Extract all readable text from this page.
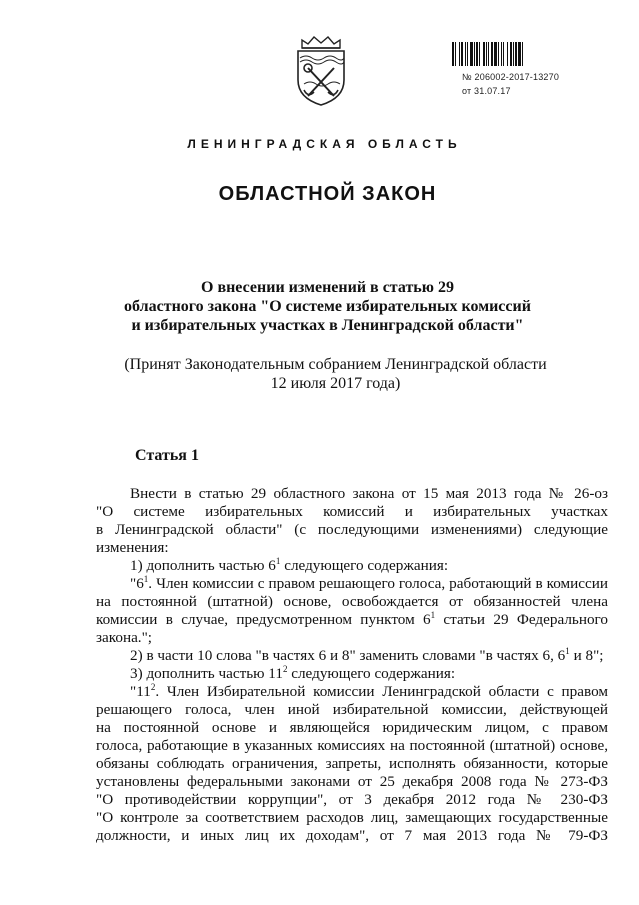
№ 206002-2017-13270
от 31.07.17
ЛЕНИНГРАДСКАЯ ОБЛАСТЬ
ОБЛАСТНОЙ ЗАКОН
О внесении изменений в статью 29
областного закона "О системе избирательных комиссий
и избирательных участках в Ленинградской области"
(Принят Законодательным собранием Ленинградской области
12 июля 2017 года)
Статья 1
Внести в статью 29 областного закона от 15 мая 2013 года № 26-оз
"О системе избирательных комиссий и избирательных участках
в Ленинградской области" (с последующими изменениями) следующие
изменения:
1) дополнить частью $6^1$ следующего содержания:
"$6^1$. Член комиссии с правом решающего голоса, работающий в комиссии
на постоянной (штатной) основе, освобождается от обязанностей члена
комиссии в случае, предусмотренном пунктом $6^1$ статьи 29 Федерального
закона.";
2) в части 10 слова "в частях 6 и 8" заменить словами "в частях 6, $6^1$ и 8";
3) дополнить частью $11^2$ следующего содержания:
"$11^2$. Член Избирательной комиссии Ленинградской области с правом
решающего голоса, член иной избирательной комиссии, действующей
на постоянной основе и являющейся юридическим лицом, с правом
голоса, работающие в указанных комиссиях на постоянной (штатной) основе,
обязаны соблюдать ограничения, запреты, исполнять обязанности, которые
установлены федеральными законами от 25 декабря 2008 года № 273-ФЗ
"О противодействии коррупции", от 3 декабря 2012 года № 230-ФЗ
"О контроле за соответствием расходов лиц, замещающих государственные
должности, и иных лиц их доходам", от 7 мая 2013 года № 79-ФЗ
